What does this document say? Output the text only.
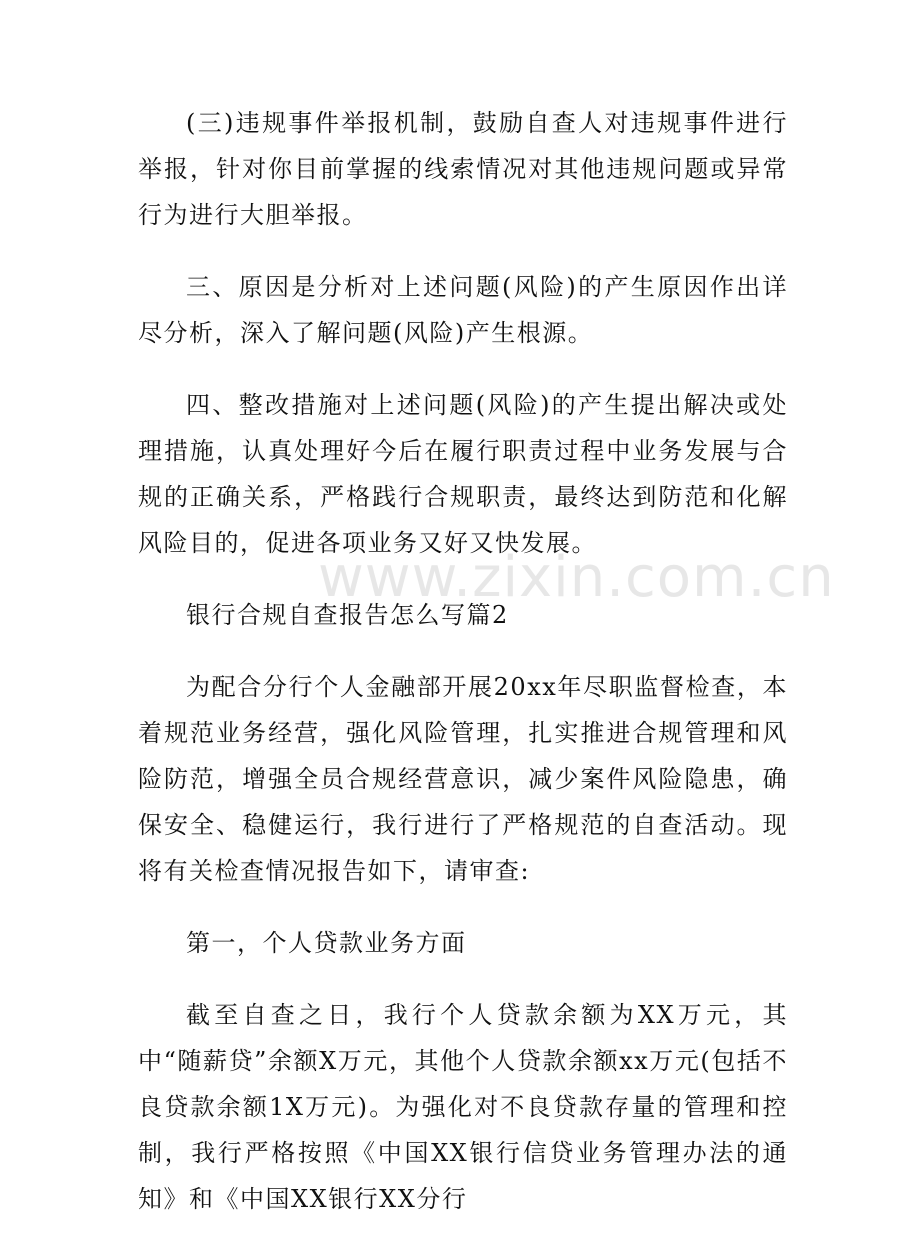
(三)违规事件举报机制，鼓励自查人对违规事件进行举报，针对你目前掌握的线索情况对其他违规问题或异常行为进行大胆举报。

三、原因是分析对上述问题(风险)的产生原因作出详尽分析，深入了解问题(风险)产生根源。

四、整改措施对上述问题(风险)的产生提出解决或处理措施，认真处理好今后在履行职责过程中业务发展与合规的正确关系，严格践行合规职责，最终达到防范和化解风险目的，促进各项业务又好又快发展。

银行合规自查报告怎么写篇2

为配合分行个人金融部开展20xx年尽职监督检查，本着规范业务经营，强化风险管理，扎实推进合规管理和风险防范，增强全员合规经营意识，减少案件风险隐患，确保安全、稳健运行，我行进行了严格规范的自查活动。现将有关检查情况报告如下，请审查:

第一，个人贷款业务方面

截至自查之日，我行个人贷款余额为XX万元，其中“随薪贷”余额X万元，其他个人贷款余额xx万元(包括不良贷款余额1X万元)。为强化对不良贷款存量的管理和控制，我行严格按照《中国XX银行信贷业务管理办法的通知》和《中国XX银行XX分行

www.zixin.com.cn
